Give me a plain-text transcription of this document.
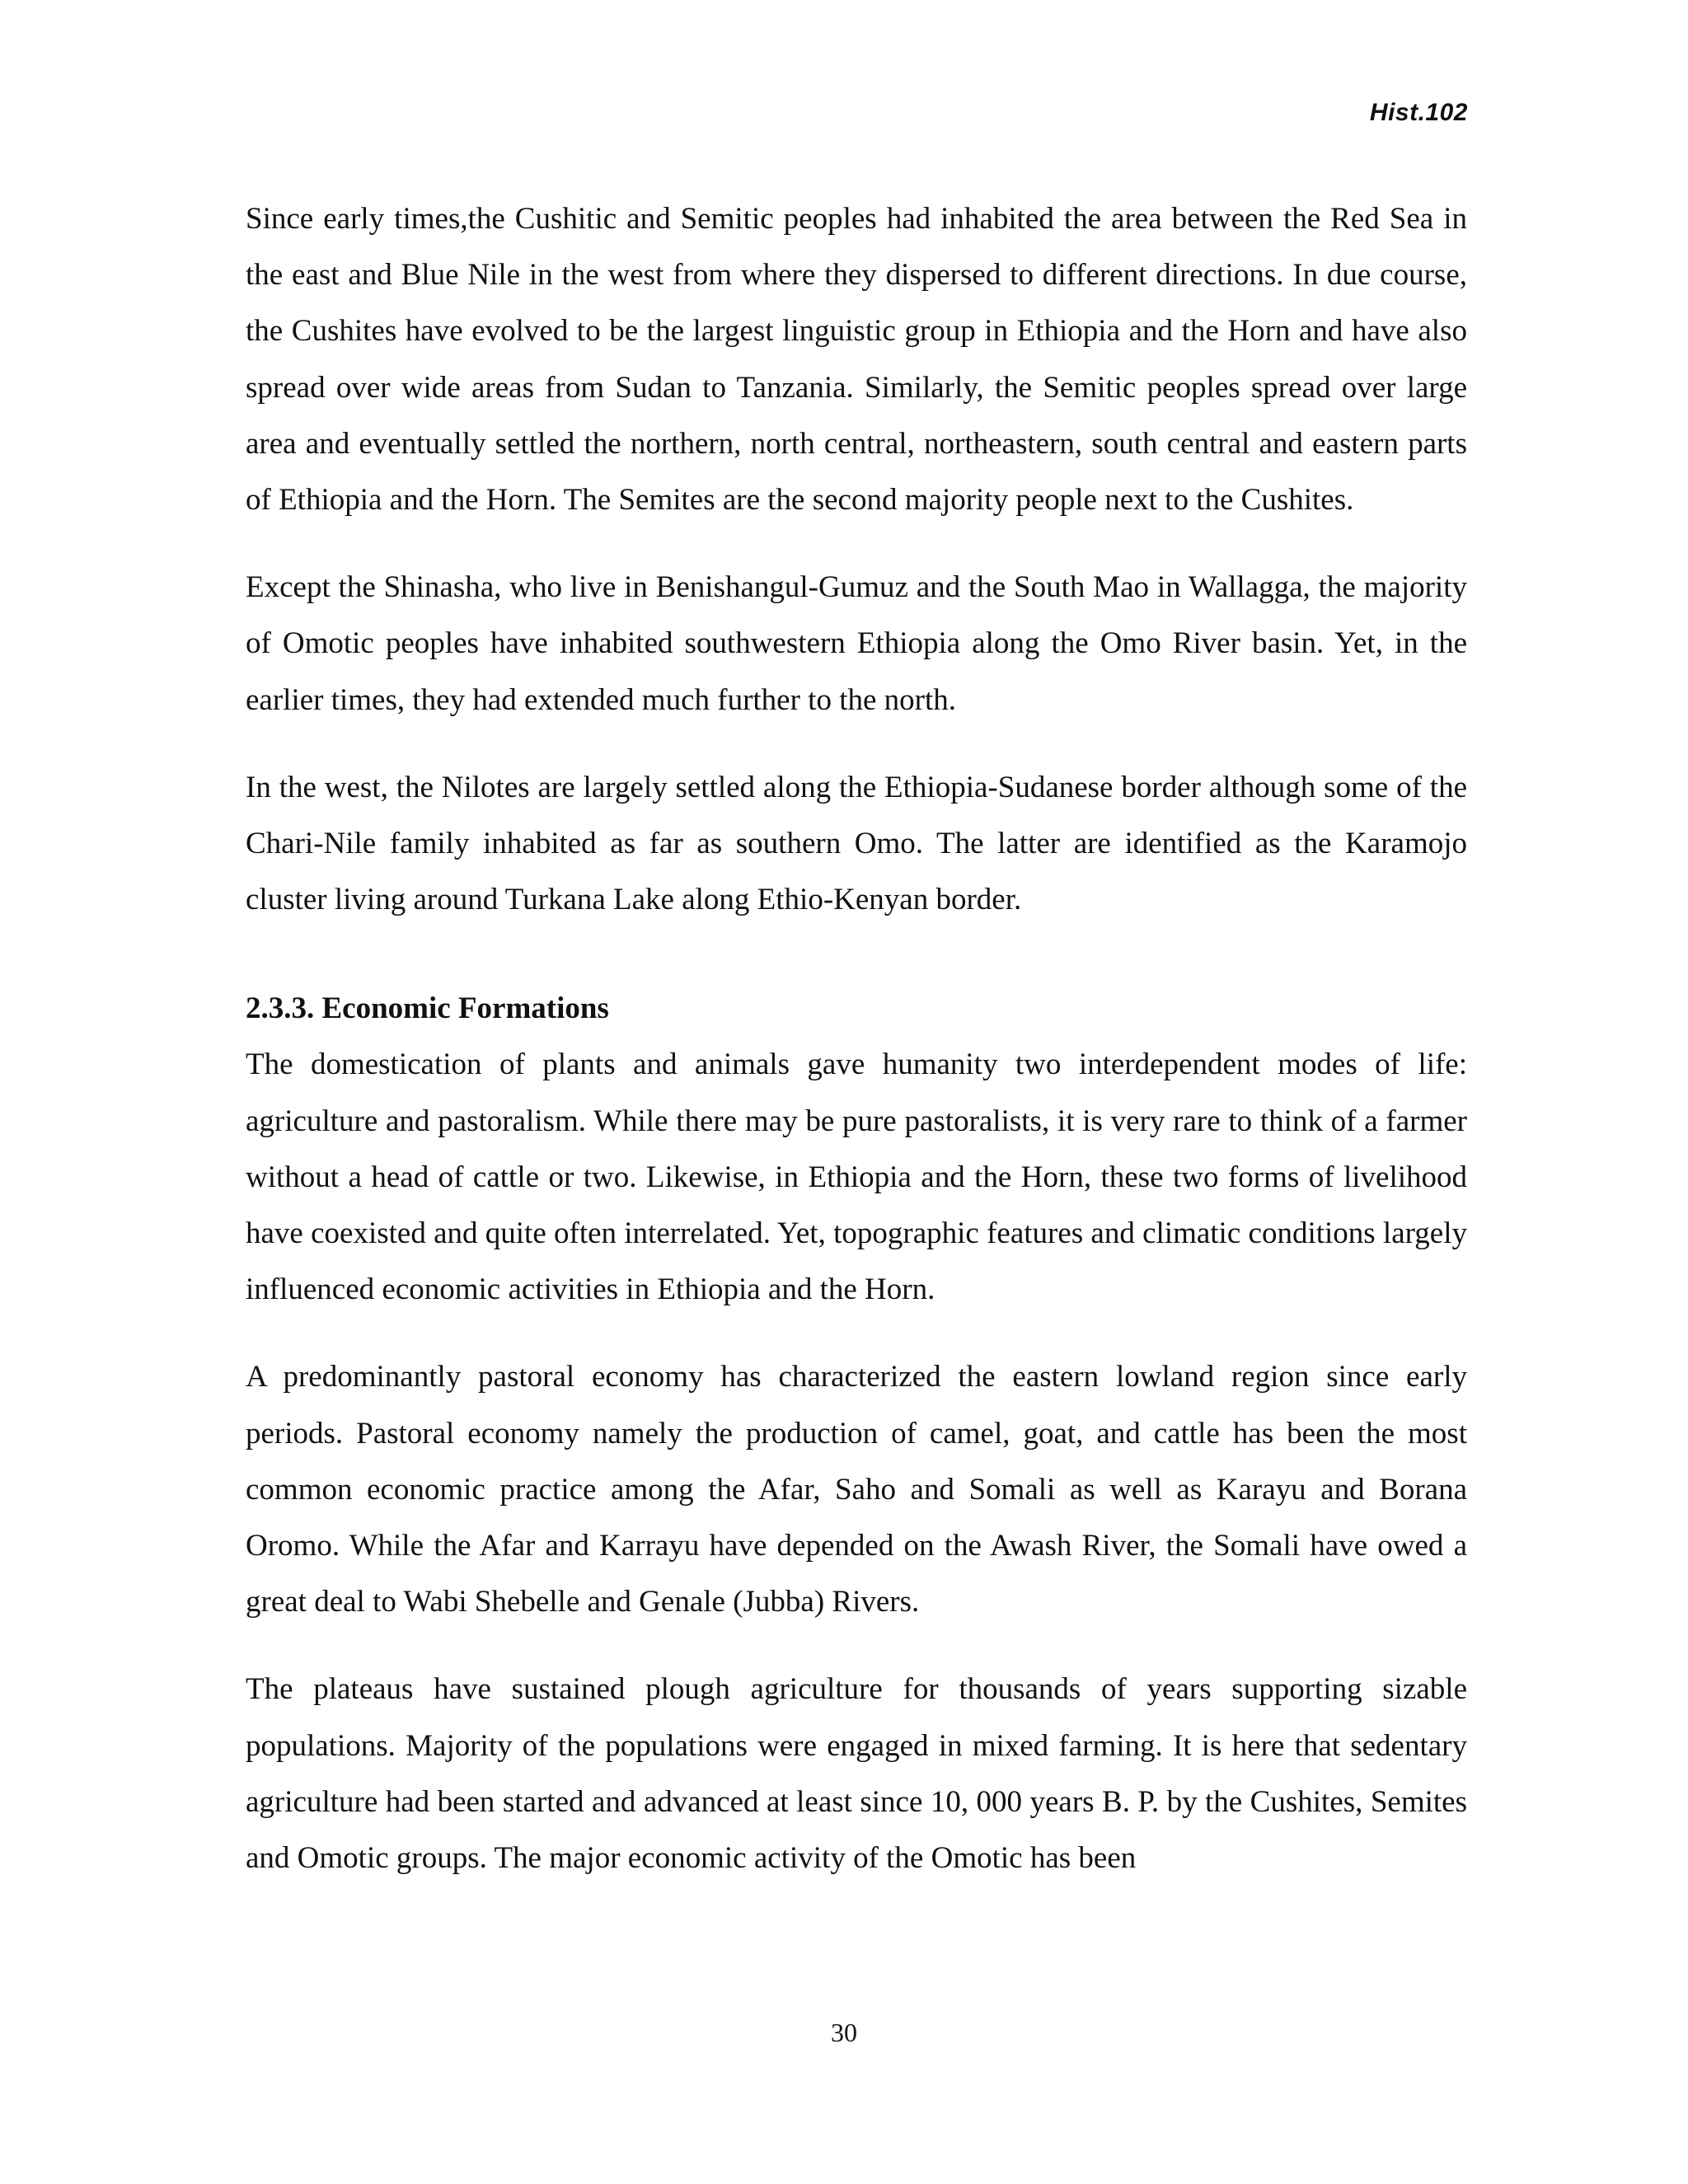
Hist.102

Since early times,the Cushitic and Semitic peoples had inhabited the area between the Red Sea in the east and Blue Nile in the west from where they dispersed to different directions. In due course, the Cushites have evolved to be the largest linguistic group in Ethiopia and the Horn and have also spread over wide areas from Sudan to Tanzania. Similarly, the Semitic peoples spread over large area and eventually settled the northern, north central, northeastern, south central and eastern parts of Ethiopia and the Horn. The Semites are the second majority people next to the Cushites.

Except the Shinasha, who live in Benishangul-Gumuz and the South Mao in Wallagga, the majority of Omotic peoples have inhabited southwestern Ethiopia along the Omo River basin. Yet, in the earlier times, they had extended much further to the north.

In the west, the Nilotes are largely settled along the Ethiopia-Sudanese border although some of the Chari-Nile family inhabited as far as southern Omo. The latter are identified as the Karamojo cluster living around Turkana Lake along Ethio-Kenyan border.

2.3.3. Economic Formations

The domestication of plants and animals gave humanity two interdependent modes of life: agriculture and pastoralism. While there may be pure pastoralists, it is very rare to think of a farmer without a head of cattle or two. Likewise, in Ethiopia and the Horn, these two forms of livelihood have coexisted and quite often interrelated. Yet, topographic features and climatic conditions largely influenced economic activities in Ethiopia and the Horn.

A predominantly pastoral economy has characterized the eastern lowland region since early periods. Pastoral economy namely the production of camel, goat, and cattle has been the most common economic practice among the Afar, Saho and Somali as well as Karayu and Borana Oromo. While the Afar and Karrayu have depended on the Awash River, the Somali have owed a great deal to Wabi Shebelle and Genale (Jubba) Rivers.

The plateaus have sustained plough agriculture for thousands of years supporting sizable populations. Majority of the populations were engaged in mixed farming. It is here that sedentary agriculture had been started and advanced at least since 10, 000 years B. P. by the Cushites, Semites and Omotic groups. The major economic activity of the Omotic has been

30
